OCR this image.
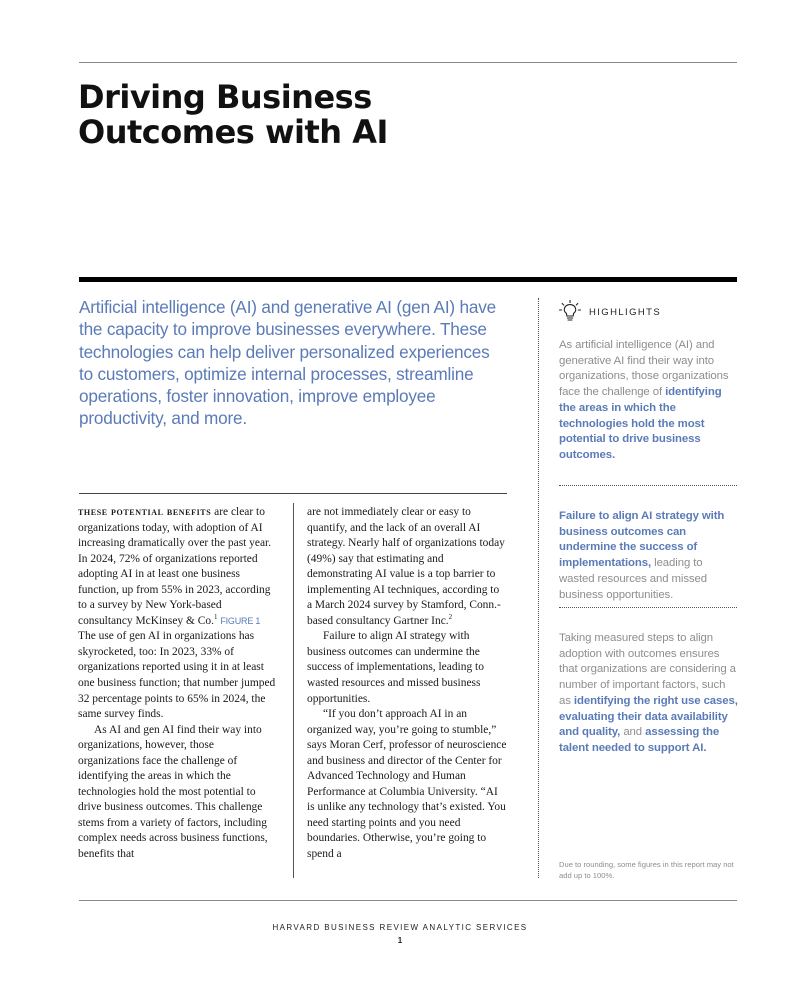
Driving Business
Outcomes with AI

Artificial intelligence (AI) and generative AI (gen AI) have the capacity to improve businesses everywhere. These technologies can help deliver personalized experiences to customers, optimize internal processes, streamline operations, foster innovation, improve employee productivity, and more.

HIGHLIGHTS

As artificial intelligence (AI) and generative AI find their way into organizations, those organizations face the challenge of identifying the areas in which the technologies hold the most potential to drive business outcomes.

Failure to align AI strategy with business outcomes can undermine the success of implementations, leading to wasted resources and missed business opportunities.

Taking measured steps to align adoption with outcomes ensures that organizations are considering a number of important factors, such as identifying the right use cases, evaluating their data availability and quality, and assessing the talent needed to support AI.

Due to rounding, some figures in this report may not add up to 100%.

these potential benefits are clear to organizations today, with adoption of AI increasing dramatically over the past year. In 2024, 72% of organizations reported adopting AI in at least one business function, up from 55% in 2023, according to a survey by New York-based consultancy McKinsey & Co.$^1$ FIGURE 1 The use of gen AI in organizations has skyrocketed, too: In 2023, 33% of organizations reported using it in at least one business function; that number jumped 32 percentage points to 65% in 2024, the same survey finds.

As AI and gen AI find their way into organizations, however, those organizations face the challenge of identifying the areas in which the technologies hold the most potential to drive business outcomes. This challenge stems from a variety of factors, including complex needs across business functions, benefits that

are not immediately clear or easy to quantify, and the lack of an overall AI strategy. Nearly half of organizations today (49%) say that estimating and demonstrating AI value is a top barrier to implementing AI techniques, according to a March 2024 survey by Stamford, Conn.-based consultancy Gartner Inc.$^2$

Failure to align AI strategy with business outcomes can undermine the success of implementations, leading to wasted resources and missed business opportunities.

“If you don’t approach AI in an organized way, you’re going to stumble,” says Moran Cerf, professor of neuroscience and business and director of the Center for Advanced Technology and Human Performance at Columbia University. “AI is unlike any technology that’s existed. You need starting points and you need boundaries. Otherwise, you’re going to spend a

HARVARD BUSINESS REVIEW ANALYTIC SERVICES
1
